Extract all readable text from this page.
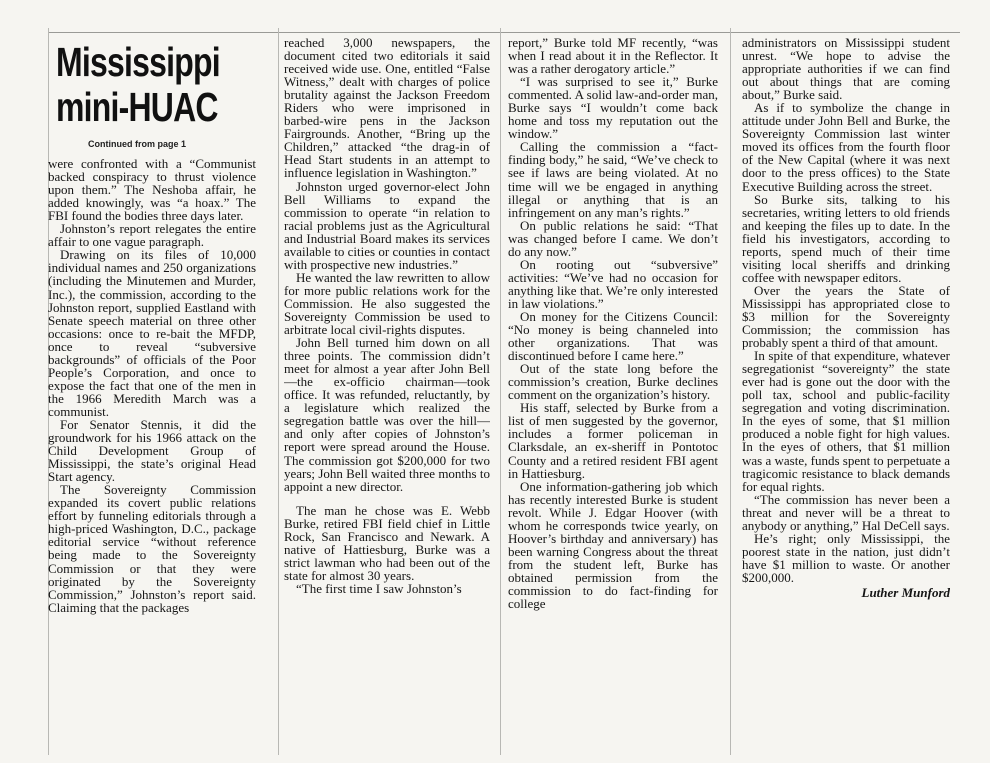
Mississippi
mini-HUAC
Continued from page 1

were confronted with a “Communist backed conspiracy to thrust violence upon them.” The Neshoba affair, he added knowingly, was “a hoax.” The FBI found the bodies three days later.

Johnston’s report relegates the entire affair to one vague paragraph.

Drawing on its files of 10,000 individual names and 250 organizations (including the Minutemen and Murder, Inc.), the commission, according to the Johnston report, supplied Eastland with Senate speech material on three other occasions: once to re-bait the MFDP, once to reveal “subversive backgrounds” of officials of the Poor People’s Corporation, and once to expose the fact that one of the men in the 1966 Meredith March was a communist.

For Senator Stennis, it did the groundwork for his 1966 attack on the Child Development Group of Mississippi, the state’s original Head Start agency.

The Sovereignty Commission expanded its covert public relations effort by funneling editorials through a high-priced Washington, D.C., package editorial service “without reference being made to the Sovereignty Commission or that they were originated by the Sovereignty Commission,” Johnston’s report said. Claiming that the packages

reached 3,000 newspapers, the document cited two editorials it said received wide use. One, entitled “False Witness,” dealt with charges of police brutality against the Jackson Freedom Riders who were imprisoned in barbed-wire pens in the Jackson Fairgrounds. Another, “Bring up the Children,” attacked “the drag-in of Head Start students in an attempt to influence legislation in Washington.”

Johnston urged governor-elect John Bell Williams to expand the commission to operate “in relation to racial problems just as the Agricultural and Industrial Board makes its services available to cities or counties in contact with prospective new industries.”

He wanted the law rewritten to allow for more public relations work for the Commission. He also suggested the Sovereignty Commission be used to arbitrate local civil-rights disputes.

John Bell turned him down on all three points. The commission didn’t meet for almost a year after John Bell—the ex-officio chairman—took office. It was refunded, reluctantly, by a legislature which realized the segregation battle was over the hill—and only after copies of Johnston’s report were spread around the House. The commission got $200,000 for two years; John Bell waited three months to appoint a new director.

The man he chose was E. Webb Burke, retired FBI field chief in Little Rock, San Francisco and Newark. A native of Hattiesburg, Burke was a strict lawman who had been out of the state for almost 30 years.

“The first time I saw Johnston’s

report,” Burke told MF recently, “was when I read about it in the Reflector. It was a rather derogatory article.”

“I was surprised to see it,” Burke commented. A solid law-and-order man, Burke says “I wouldn’t come back home and toss my reputation out the window.”

Calling the commission a “fact-finding body,” he said, “We’ve check to see if laws are being violated. At no time will we be engaged in anything illegal or anything that is an infringement on any man’s rights.”

On public relations he said: “That was changed before I came. We don’t do any now.”

On rooting out “subversive” activities: “We’ve had no occasion for anything like that. We’re only interested in law violations.”

On money for the Citizens Council: “No money is being channeled into other organizations. That was discontinued before I came here.”

Out of the state long before the commission’s creation, Burke declines comment on the organization’s history.

His staff, selected by Burke from a list of men suggested by the governor, includes a former policeman in Clarksdale, an ex-sheriff in Pontotoc County and a retired resident FBI agent in Hattiesburg.

One information-gathering job which has recently interested Burke is student revolt. While J. Edgar Hoover (with whom he corresponds twice yearly, on Hoover’s birthday and anniversary) has been warning Congress about the threat from the student left, Burke has obtained permission from the commission to do fact-finding for college

administrators on Mississippi student unrest. “We hope to advise the appropriate authorities if we can find out about things that are coming about,” Burke said.

As if to symbolize the change in attitude under John Bell and Burke, the Sovereignty Commission last winter moved its offices from the fourth floor of the New Capital (where it was next door to the press offices) to the State Executive Building across the street.

So Burke sits, talking to his secretaries, writing letters to old friends and keeping the files up to date. In the field his investigators, according to reports, spend much of their time visiting local sheriffs and drinking coffee with newspaper editors.

Over the years the State of Mississippi has appropriated close to $3 million for the Sovereignty Commission; the commission has probably spent a third of that amount.

In spite of that expenditure, whatever segregationist “sovereignty” the state ever had is gone out the door with the poll tax, school and public-facility segregation and voting discrimination. In the eyes of some, that $1 million produced a noble fight for high values. In the eyes of others, that $1 million was a waste, funds spent to perpetuate a tragicomic resistance to black demands for equal rights.

“The commission has never been a threat and never will be a threat to anybody or anything,” Hal DeCell says.

He’s right; only Mississippi, the poorest state in the nation, just didn’t have $1 million to waste. Or another $200,000.

Luther Munford
